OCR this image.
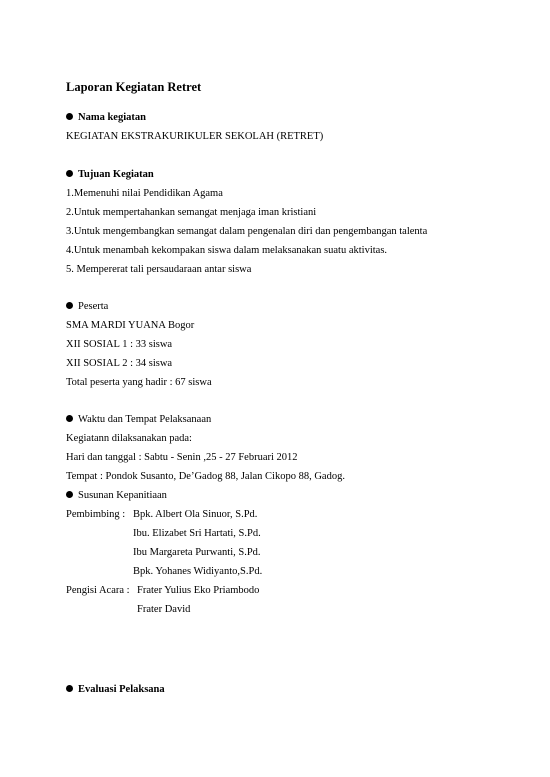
Laporan Kegiatan Retret
Nama kegiatan
KEGIATAN EKSTRAKURIKULER SEKOLAH (RETRET)
Tujuan Kegiatan
1.Memenuhi nilai Pendidikan Agama
2.Untuk mempertahankan semangat menjaga iman kristiani
3.Untuk mengembangkan semangat dalam pengenalan diri dan pengembangan talenta
4.Untuk menambah kekompakan siswa dalam melaksanakan suatu aktivitas.
5. Mempererat tali persaudaraan antar siswa
Peserta
SMA MARDI YUANA Bogor
XII SOSIAL 1 : 33 siswa
XII SOSIAL 2 : 34 siswa
Total peserta yang hadir : 67 siswa
Waktu dan Tempat Pelaksanaan
Kegiatann dilaksanakan pada:
Hari dan tanggal : Sabtu - Senin ,25 - 27 Februari 2012
Tempat : Pondok Susanto, De’Gadog 88, Jalan Cikopo 88, Gadog.
Susunan Kepanitiaan
Pembimbing : Bpk. Albert Ola Sinuor, S.Pd.
Ibu. Elizabet Sri Hartati, S.Pd.
Ibu Margareta Purwanti, S.Pd.
Bpk. Yohanes Widiyanto,S.Pd.
Pengisi Acara : Frater Yulius Eko Priambodo
Frater David
Evaluasi Pelaksana
